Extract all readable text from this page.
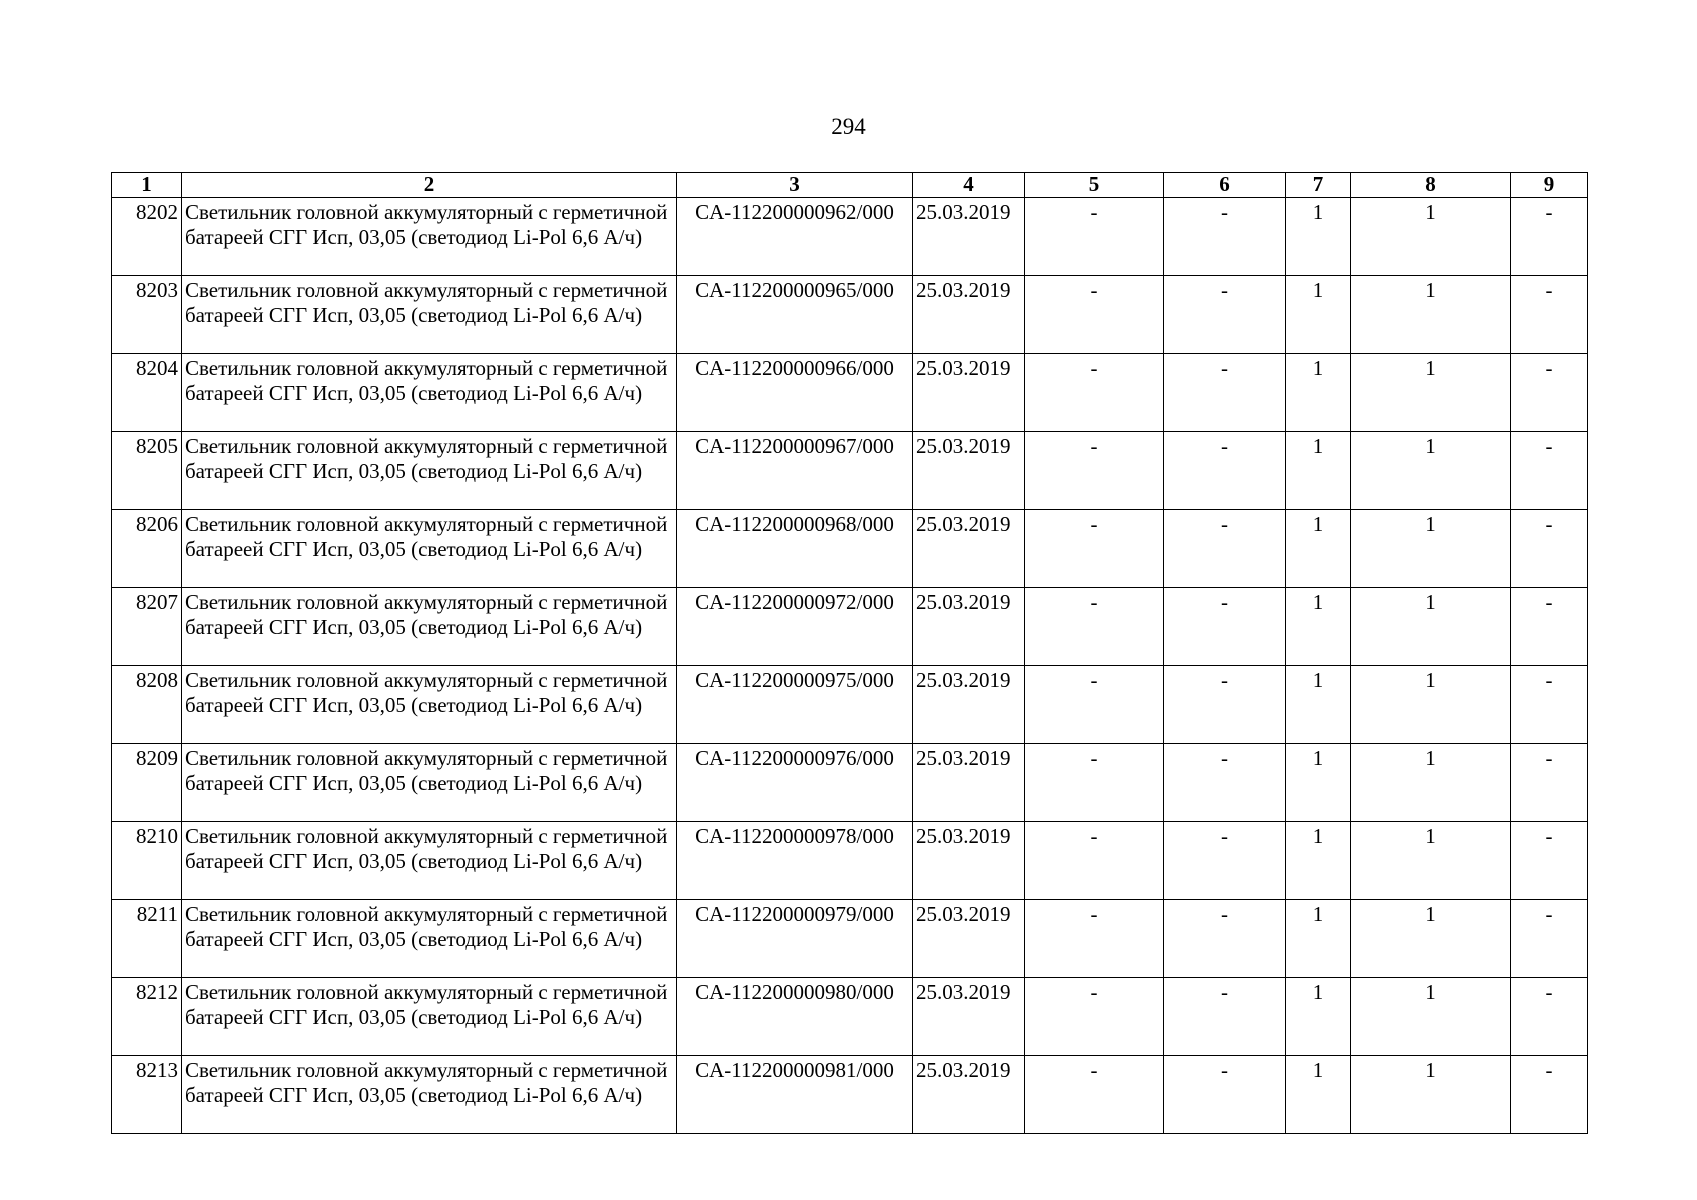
294
1	2	3	4	5	6	7	8	9
8202	Светильник головной аккумуляторный с герметичной батареей СГГ Исп, 03,05 (светодиод Li-Pol 6,6 А/ч)	CA-112200000962/000	25.03.2019	-	-	1	1	-
8203	Светильник головной аккумуляторный с герметичной батареей СГГ Исп, 03,05 (светодиод Li-Pol 6,6 А/ч)	CA-112200000965/000	25.03.2019	-	-	1	1	-
8204	Светильник головной аккумуляторный с герметичной батареей СГГ Исп, 03,05 (светодиод Li-Pol 6,6 А/ч)	CA-112200000966/000	25.03.2019	-	-	1	1	-
8205	Светильник головной аккумуляторный с герметичной батареей СГГ Исп, 03,05 (светодиод Li-Pol 6,6 А/ч)	CA-112200000967/000	25.03.2019	-	-	1	1	-
8206	Светильник головной аккумуляторный с герметичной батареей СГГ Исп, 03,05 (светодиод Li-Pol 6,6 А/ч)	CA-112200000968/000	25.03.2019	-	-	1	1	-
8207	Светильник головной аккумуляторный с герметичной батареей СГГ Исп, 03,05 (светодиод Li-Pol 6,6 А/ч)	CA-112200000972/000	25.03.2019	-	-	1	1	-
8208	Светильник головной аккумуляторный с герметичной батареей СГГ Исп, 03,05 (светодиод Li-Pol 6,6 А/ч)	CA-112200000975/000	25.03.2019	-	-	1	1	-
8209	Светильник головной аккумуляторный с герметичной батареей СГГ Исп, 03,05 (светодиод Li-Pol 6,6 А/ч)	CA-112200000976/000	25.03.2019	-	-	1	1	-
8210	Светильник головной аккумуляторный с герметичной батареей СГГ Исп, 03,05 (светодиод Li-Pol 6,6 А/ч)	CA-112200000978/000	25.03.2019	-	-	1	1	-
8211	Светильник головной аккумуляторный с герметичной батареей СГГ Исп, 03,05 (светодиод Li-Pol 6,6 А/ч)	CA-112200000979/000	25.03.2019	-	-	1	1	-
8212	Светильник головной аккумуляторный с герметичной батареей СГГ Исп, 03,05 (светодиод Li-Pol 6,6 А/ч)	CA-112200000980/000	25.03.2019	-	-	1	1	-
8213	Светильник головной аккумуляторный с герметичной батареей СГГ Исп, 03,05 (светодиод Li-Pol 6,6 А/ч)	CA-112200000981/000	25.03.2019	-	-	1	1	-
